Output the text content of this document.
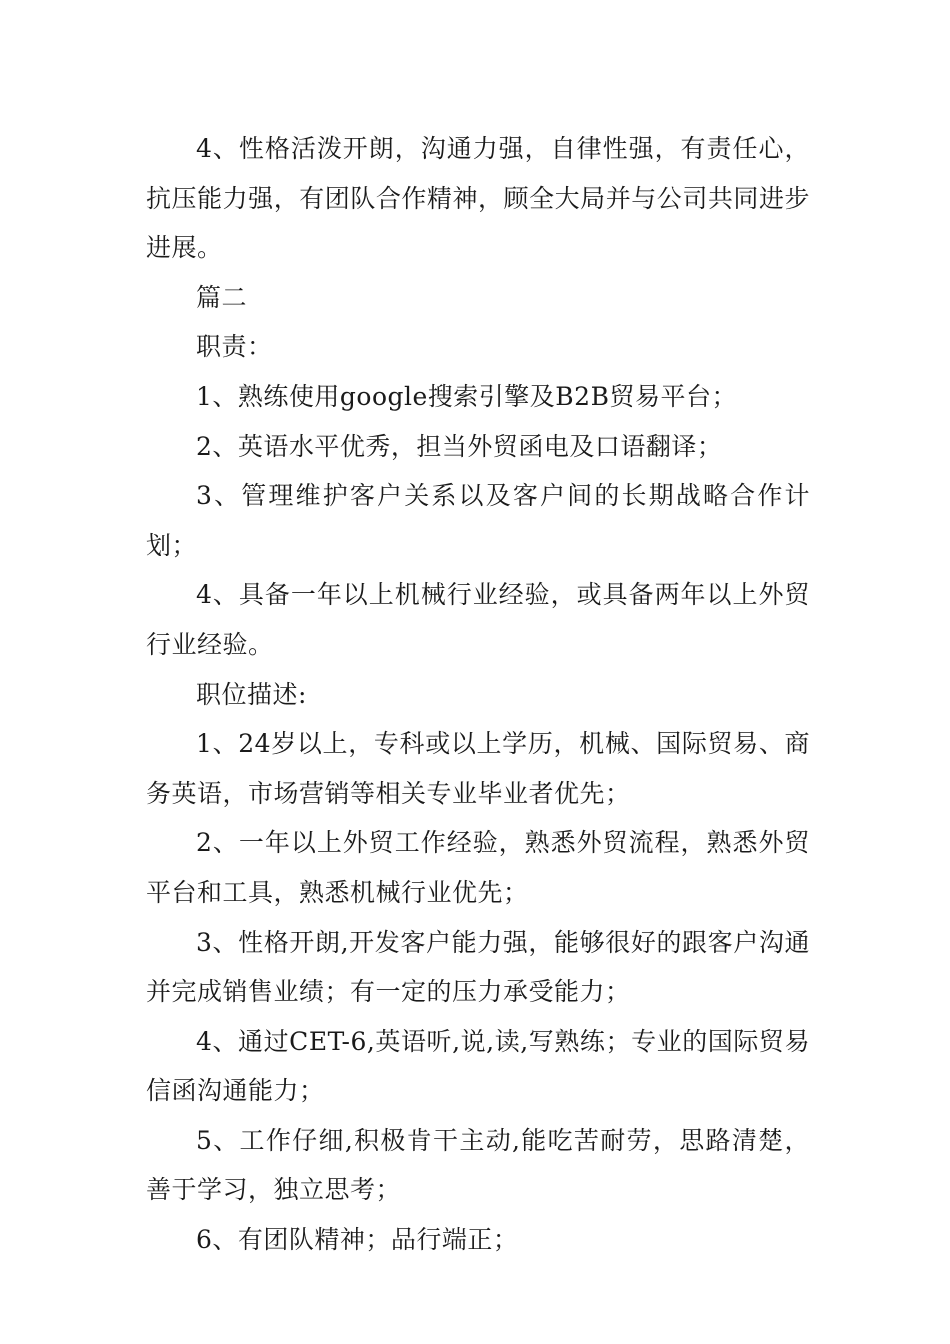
4、性格活泼开朗，沟通力强，自律性强，有责任心，抗压能力强，有团队合作精神，顾全大局并与公司共同进步进展。

篇二

职责：

1、熟练使用google搜索引擎及B2B贸易平台；

2、英语水平优秀，担当外贸函电及口语翻译；

3、管理维护客户关系以及客户间的长期战略合作计划；

4、具备一年以上机械行业经验，或具备两年以上外贸行业经验。

职位描述:

1、24岁以上，专科或以上学历，机械、国际贸易、商务英语，市场营销等相关专业毕业者优先；

2、一年以上外贸工作经验，熟悉外贸流程，熟悉外贸平台和工具，熟悉机械行业优先；

3、性格开朗,开发客户能力强，能够很好的跟客户沟通并完成销售业绩；有一定的压力承受能力；

4、通过CET-6,英语听,说,读,写熟练；专业的国际贸易信函沟通能力；

5、工作仔细,积极肯干主动,能吃苦耐劳，思路清楚，善于学习，独立思考；

6、有团队精神；品行端正；
